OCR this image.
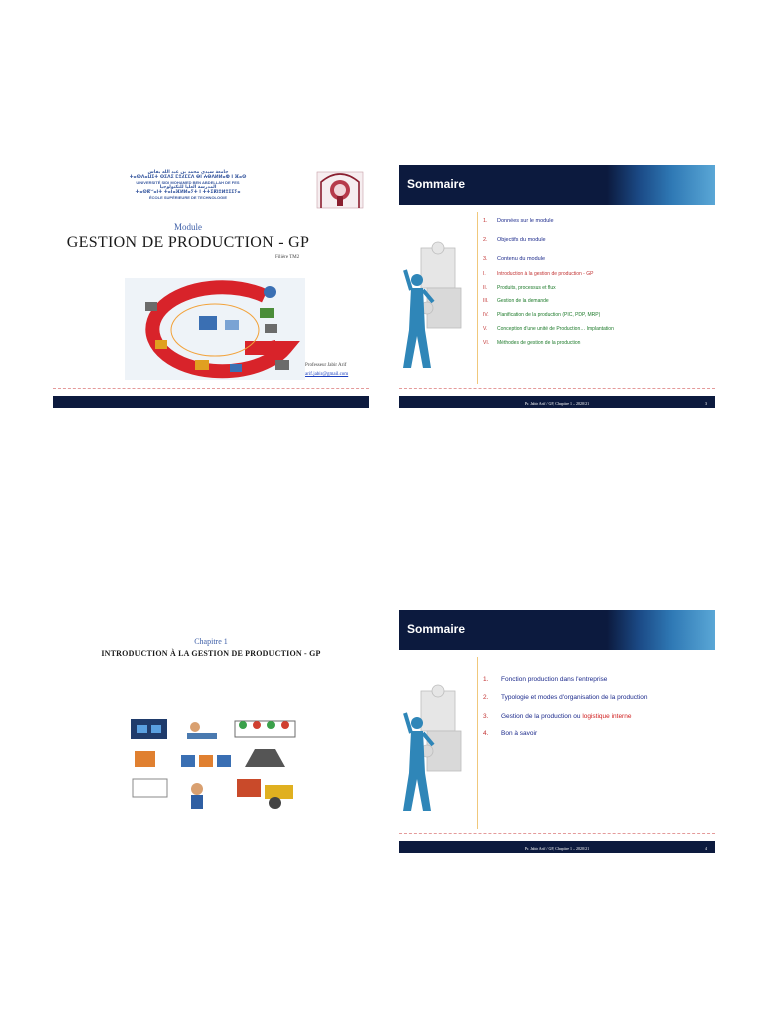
جامعة سيدي محمد بن عبد الله بفاس
ⵜⴰⵙⴷⴰⵡⵉⵜ ⵙⵉⴷⵉ ⵎⵓⵃⵎⵎⴷ ⴱⵏ ⵄⴱⴷⵍⵍⴰⵀ ⵏ ⴼⴰⵙ
UNIVERSITÉ SIDI MOHAMED BEN ABDELLAH DE FES
المدرسة العليا للتكنولوجيا
ⵜⴰⵙⴽⵯⴰⵏⵜ ⵜⴰⵏⴰⴼⵍⵍⴰⵢⵜ ⵏ ⵜⵜⵉⴽⵏⵓⵍⵓⵊⵉⵢⴰ
ÉCOLE SUPÉRIEURE DE TECHNOLOGIE
Module
GESTION DE PRODUCTION - GP
Filière TM2
Professeur Jabir Arif
arif.jabir@gmail.com
Sommaire
1. Données sur le module
2. Objectifs du module
3. Contenu du module
I. Introduction à la gestion de production - GP
II. Produits, processus et flux
III. Gestion de la demande
IV. Planification de la production (PIC, PDP, MRP)
V. Conception d'une unité de Production… Implantation
VI. Méthodes de gestion de la production
Pr. Jabir Arif / GP, Chapitre 1 – 2020/21	3
Chapitre 1
INTRODUCTION À LA GESTION DE PRODUCTION - GP
Sommaire
1. Fonction production dans l'entreprise
2. Typologie et modes d'organisation de la production
3. Gestion de la production ou logistique interne
4. Bon à savoir
Pr. Jabir Arif / GP, Chapitre 1 – 2020/21	4
